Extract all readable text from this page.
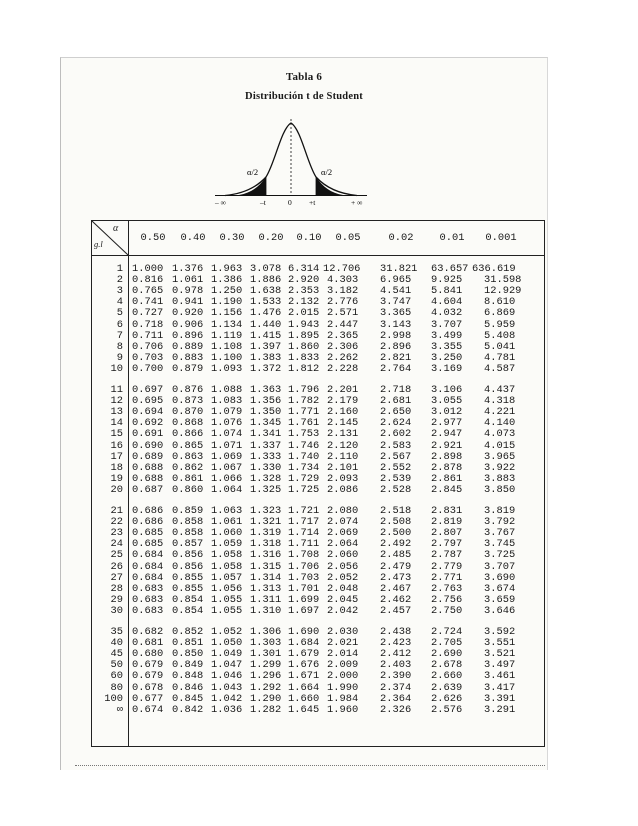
Tabla 6
Distribución t de Student
α/2	α/2
– ∞	–t	0 +t	+ ∞
α
g.l	0.50	0.40	0.30	0.20	0.10	0.05	0.02	0.01	0.001
1 1.000 1.376 1.963 3.078 6.314 12.706 31.821 63.657 636.619
2 0.816 1.061 1.386 1.886 2.920 4.303 6.965 9.925 31.598
3 0.765 0.978 1.250 1.638 2.353 3.182 4.541 5.841 12.929
4 0.741 0.941 1.190 1.533 2.132 2.776 3.747 4.604 8.610
5 0.727 0.920 1.156 1.476 2.015 2.571 3.365 4.032 6.869
6 0.718 0.906 1.134 1.440 1.943 2.447 3.143 3.707 5.959
7 0.711 0.896 1.119 1.415 1.895 2.365 2.998 3.499 5.408
8 0.706 0.889 1.108 1.397 1.860 2.306 2.896 3.355 5.041
9 0.703 0.883 1.100 1.383 1.833 2.262 2.821 3.250 4.781
10 0.700 0.879 1.093 1.372 1.812 2.228 2.764 3.169 4.587
11 0.697 0.876 1.088 1.363 1.796 2.201 2.718 3.106 4.437
12 0.695 0.873 1.083 1.356 1.782 2.179 2.681 3.055 4.318
13 0.694 0.870 1.079 1.350 1.771 2.160 2.650 3.012 4.221
14 0.692 0.868 1.076 1.345 1.761 2.145 2.624 2.977 4.140
15 0.691 0.866 1.074 1.341 1.753 2.131 2.602 2.947 4.073
16 0.690 0.865 1.071 1.337 1.746 2.120 2.583 2.921 4.015
17 0.689 0.863 1.069 1.333 1.740 2.110 2.567 2.898 3.965
18 0.688 0.862 1.067 1.330 1.734 2.101 2.552 2.878 3.922
19 0.688 0.861 1.066 1.328 1.729 2.093 2.539 2.861 3.883
20 0.687 0.860 1.064 1.325 1.725 2.086 2.528 2.845 3.850
21 0.686 0.859 1.063 1.323 1.721 2.080 2.518 2.831 3.819
22 0.686 0.858 1.061 1.321 1.717 2.074 2.508 2.819 3.792
23 0.685 0.858 1.060 1.319 1.714 2.069 2.500 2.807 3.767
24 0.685 0.857 1.059 1.318 1.711 2.064 2.492 2.797 3.745
25 0.684 0.856 1.058 1.316 1.708 2.060 2.485 2.787 3.725
26 0.684 0.856 1.058 1.315 1.706 2.056 2.479 2.779 3.707
27 0.684 0.855 1.057 1.314 1.703 2.052 2.473 2.771 3.690
28 0.683 0.855 1.056 1.313 1.701 2.048 2.467 2.763 3.674
29 0.683 0.854 1.055 1.311 1.699 2.045 2.462 2.756 3.659
30 0.683 0.854 1.055 1.310 1.697 2.042 2.457 2.750 3.646
35 0.682 0.852 1.052 1.306 1.690 2.030 2.438 2.724 3.592
40 0.681 0.851 1.050 1.303 1.684 2.021 2.423 2.705 3.551
45 0.680 0.850 1.049 1.301 1.679 2.014 2.412 2.690 3.521
50 0.679 0.849 1.047 1.299 1.676 2.009 2.403 2.678 3.497
60 0.679 0.848 1.046 1.296 1.671 2.000 2.390 2.660 3.461
80 0.678 0.846 1.043 1.292 1.664 1.990 2.374 2.639 3.417
100 0.677 0.845 1.042 1.290 1.660 1.984 2.364 2.626 3.391
∞ 0.674 0.842 1.036 1.282 1.645 1.960 2.326 2.576 3.291
